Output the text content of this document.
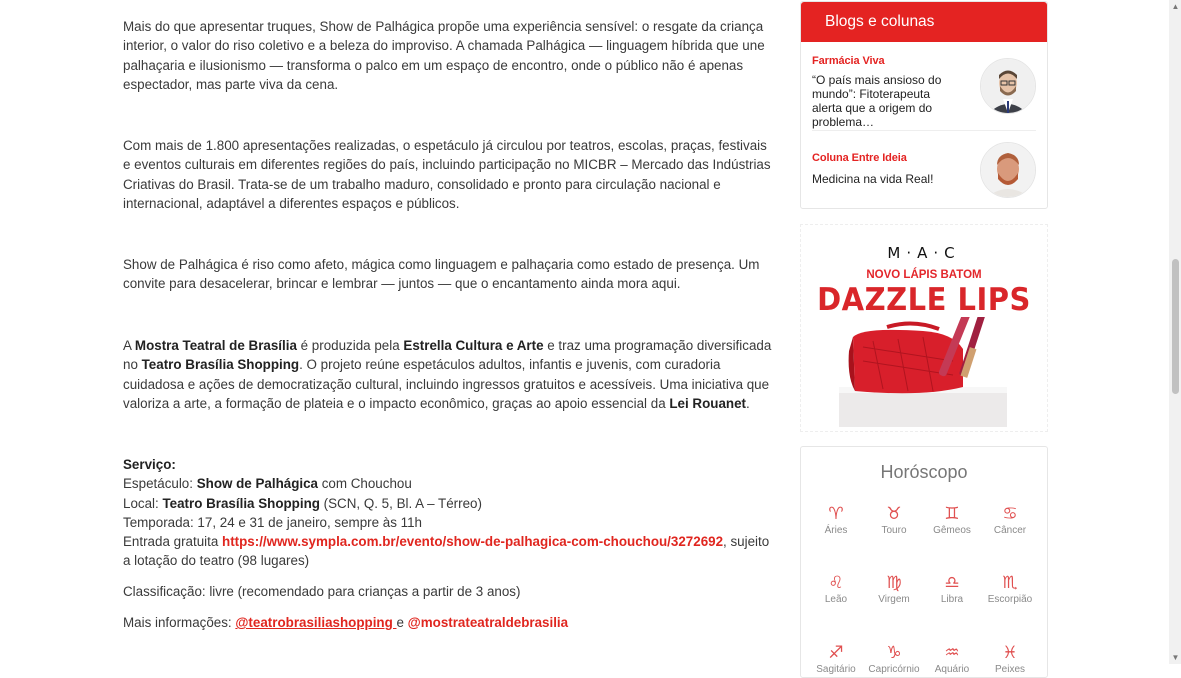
Mais do que apresentar truques, Show de Palhágica propõe uma experiência sensível: o resgate da criança interior, o valor do riso coletivo e a beleza do improviso. A chamada Palhágica — linguagem híbrida que une palhaçaria e ilusionismo — transforma o palco em um espaço de encontro, onde o público não é apenas espectador, mas parte viva da cena.

Com mais de 1.800 apresentações realizadas, o espetáculo já circulou por teatros, escolas, praças, festivais e eventos culturais em diferentes regiões do país, incluindo participação no MICBR – Mercado das Indústrias Criativas do Brasil. Trata-se de um trabalho maduro, consolidado e pronto para circulação nacional e internacional, adaptável a diferentes espaços e públicos.

Show de Palhágica é riso como afeto, mágica como linguagem e palhaçaria como estado de presença. Um convite para desacelerar, brincar e lembrar — juntos — que o encantamento ainda mora aqui.

A Mostra Teatral de Brasília é produzida pela Estrella Cultura e Arte e traz uma programação diversificada no Teatro Brasília Shopping. O projeto reúne espetáculos adultos, infantis e juvenis, com curadoria cuidadosa e ações de democratização cultural, incluindo ingressos gratuitos e acessíveis. Uma iniciativa que valoriza a arte, a formação de plateia e o impacto econômico, graças ao apoio essencial da Lei Rouanet.

Serviço:
Espetáculo: Show de Palhágica com Chouchou
Local: Teatro Brasília Shopping (SCN, Q. 5, Bl. A – Térreo)
Temporada: 17, 24 e 31 de janeiro, sempre às 11h
Entrada gratuita https://www.sympla.com.br/evento/show-de-palhagica-com-chouchou/3272692, sujeito a lotação do teatro (98 lugares)

Classificação: livre (recomendado para crianças a partir de 3 anos)

Mais informações: @teatrobrasiliashopping e @mostrateatraldebrasilia

Blogs e colunas
Farmácia Viva
“O país mais ansioso do mundo”: Fitoterapeuta alerta que a origem do problema…
Coluna Entre Ideia
Medicina na vida Real!
M·A·C
NOVO LÁPIS BATOM
DAZZLE LIPS
Horóscopo
♈
Áries
♉
Touro
♊
Gêmeos
♋
Câncer
♌
Leão
♍
Virgem
♎
Libra
♏
Escorpião
♐
Sagitário
♑
Capricórnio
♒
Aquário
♓
Peixes
▲
▼
